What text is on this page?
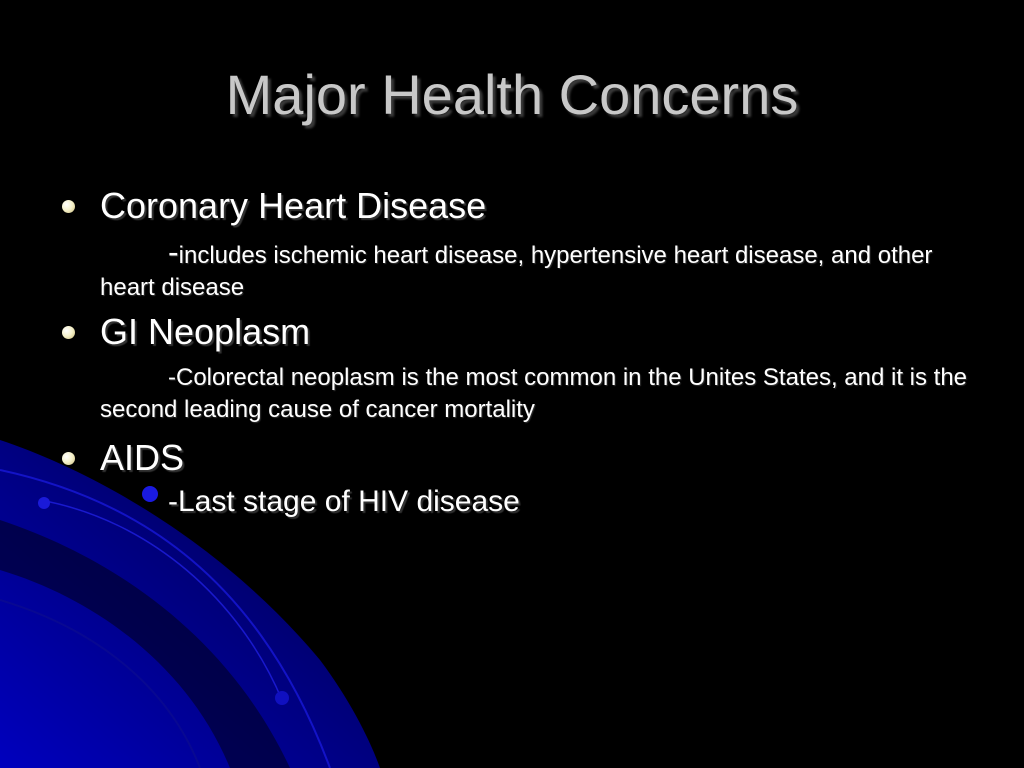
Major Health Concerns
Coronary Heart Disease
-includes ischemic heart disease, hypertensive heart disease, and other heart disease
GI Neoplasm
-Colorectal neoplasm is the most common in the Unites States, and it is the second leading cause of cancer mortality
AIDS
-Last stage of HIV disease
